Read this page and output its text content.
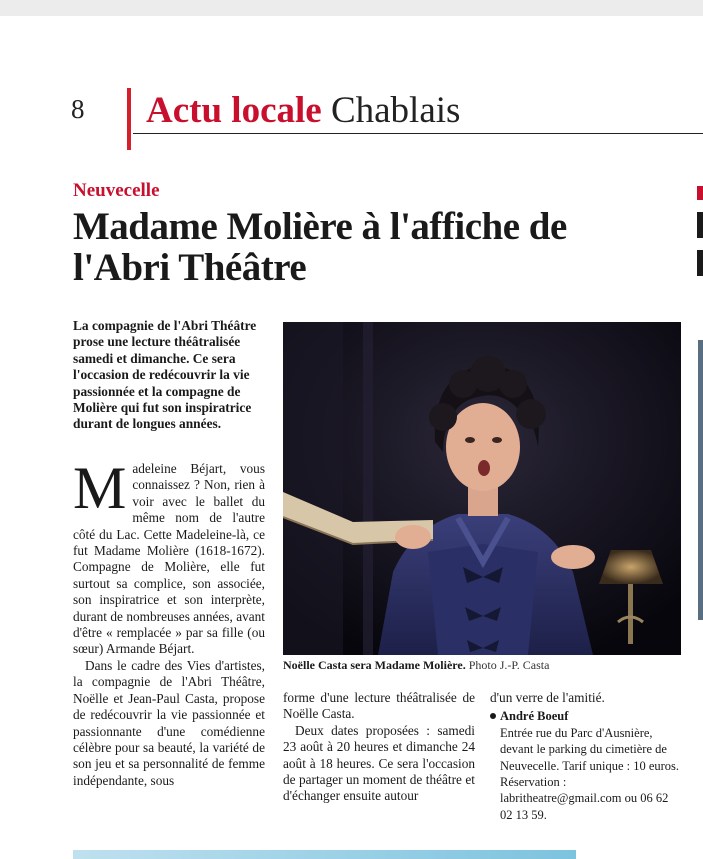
8 Actu locale Chablais
Neuvecelle
Madame Molière à l'affiche de l'Abri Théâtre
La compagnie de l'Abri Théâtre prose une lecture théâtralisée samedi et dimanche. Ce sera l'occasion de redécouvrir la vie passionnée et la compagne de Molière qui fut son inspiratrice durant de longues années.

Madeleine Béjart, vous connaissez ? Non, rien à voir avec le ballet du même nom de l'autre côté du Lac. Cette Madeleine-là, ce fut Madame Molière (1618-1672). Compagne de Molière, elle fut surtout sa complice, son associée, son inspiratrice et son interprète, durant de nombreuses années, avant d'être « remplacée » par sa fille (ou sœur) Armande Béjart.

Dans le cadre des Vies d'artistes, la compagnie de l'Abri Théâtre, Noëlle et Jean-Paul Casta, propose de redécouvrir la vie passionnée et passionnante d'une comédienne célèbre pour sa beauté, la variété de son jeu et sa personnalité de femme indépendante, sous

Noëlle Casta sera Madame Molière. Photo J.-P. Casta

forme d'une lecture théâtralisée de Noëlle Casta.

Deux dates proposées : samedi 23 août à 20 heures et dimanche 24 août à 18 heures. Ce sera l'occasion de partager un moment de théâtre et d'échanger ensuite autour

d'un verre de l'amitié.

André Boeuf
Entrée rue du Parc d'Ausnière, devant le parking du cimetière de Neuvecelle. Tarif unique : 10 euros. Réservation : labritheatre@gmail.com ou 06 62 02 13 59.
